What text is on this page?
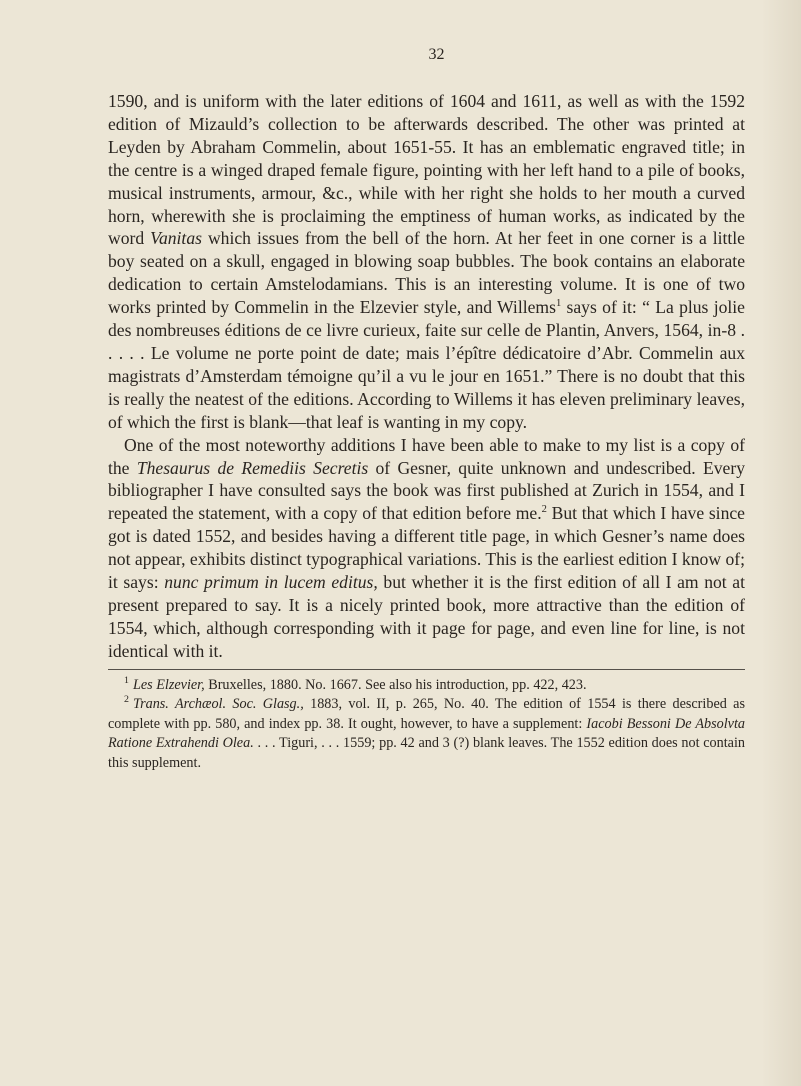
32

1590, and is uniform with the later editions of 1604 and 1611, as well as with the 1592 edition of Mizauld’s collection to be afterwards described. The other was printed at Leyden by Abraham Commelin, about 1651-55. It has an emblematic engraved title; in the centre is a winged draped female figure, pointing with her left hand to a pile of books, musical instruments, armour, &c., while with her right she holds to her mouth a curved horn, wherewith she is proclaiming the emptiness of human works, as indicated by the word Vanitas which issues from the bell of the horn. At her feet in one corner is a little boy seated on a skull, engaged in blowing soap bubbles. The book contains an elaborate dedication to certain Amstelodamians. This is an interesting volume. It is one of two works printed by Commelin in the Elzevier style, and Willems$^1$ says of it: “ La plus jolie des nombreuses éditions de ce livre curieux, faite sur celle de Plantin, Anvers, 1564, in-8 . . . . . Le volume ne porte point de date; mais l’épître dédicatoire d’Abr. Commelin aux magistrats d’Amsterdam témoigne qu’il a vu le jour en 1651.” There is no doubt that this is really the neatest of the editions. According to Willems it has eleven preliminary leaves, of which the first is blank—that leaf is wanting in my copy.

One of the most noteworthy additions I have been able to make to my list is a copy of the Thesaurus de Remediis Secretis of Gesner, quite unknown and undescribed. Every bibliographer I have consulted says the book was first published at Zurich in 1554, and I repeated the statement, with a copy of that edition before me.$^2$ But that which I have since got is dated 1552, and besides having a different title page, in which Gesner’s name does not appear, exhibits distinct typographical variations. This is the earliest edition I know of; it says: nunc primum in lucem editus, but whether it is the first edition of all I am not at present prepared to say. It is a nicely printed book, more attractive than the edition of 1554, which, although corresponding with it page for page, and even line for line, is not identical with it.

$^1$ Les Elzevier, Bruxelles, 1880. No. 1667. See also his introduction, pp. 422, 423.

$^2$ Trans. Archæol. Soc. Glasg., 1883, vol. II, p. 265, No. 40. The edition of 1554 is there described as complete with pp. 580, and index pp. 38. It ought, however, to have a supplement: Iacobi Bessoni De Absolvta Ratione Extrahendi Olea. . . . Tiguri, . . . 1559; pp. 42 and 3 (?) blank leaves. The 1552 edition does not contain this supplement.
